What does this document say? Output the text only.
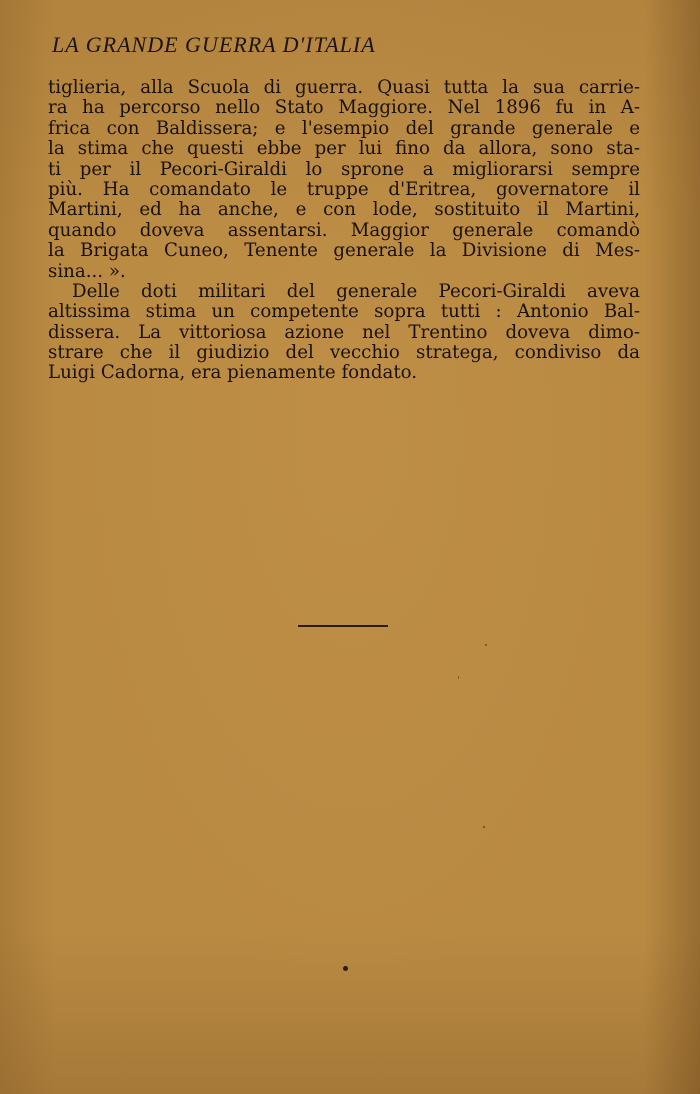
LA GRANDE GUERRA D'ITALIA
tiglieria, alla Scuola di guerra. Quasi tutta la sua carrie-
ra ha percorso nello Stato Maggiore. Nel 1896 fu in A-
frica con Baldissera; e l'esempio del grande generale e
la stima che questi ebbe per lui fino da allora, sono sta-
ti per il Pecori-Giraldi lo sprone a migliorarsi sempre
più. Ha comandato le truppe d'Eritrea, governatore il
Martini, ed ha anche, e con lode, sostituito il Martini,
quando doveva assentarsi. Maggior generale comandò
la Brigata Cuneo, Tenente generale la Divisione di Mes-
sina... ».
Delle doti militari del generale Pecori-Giraldi aveva
altissima stima un competente sopra tutti : Antonio Bal-
dissera. La vittoriosa azione nel Trentino doveva dimo-
strare che il giudizio del vecchio stratega, condiviso da
Luigi Cadorna, era pienamente fondato.
